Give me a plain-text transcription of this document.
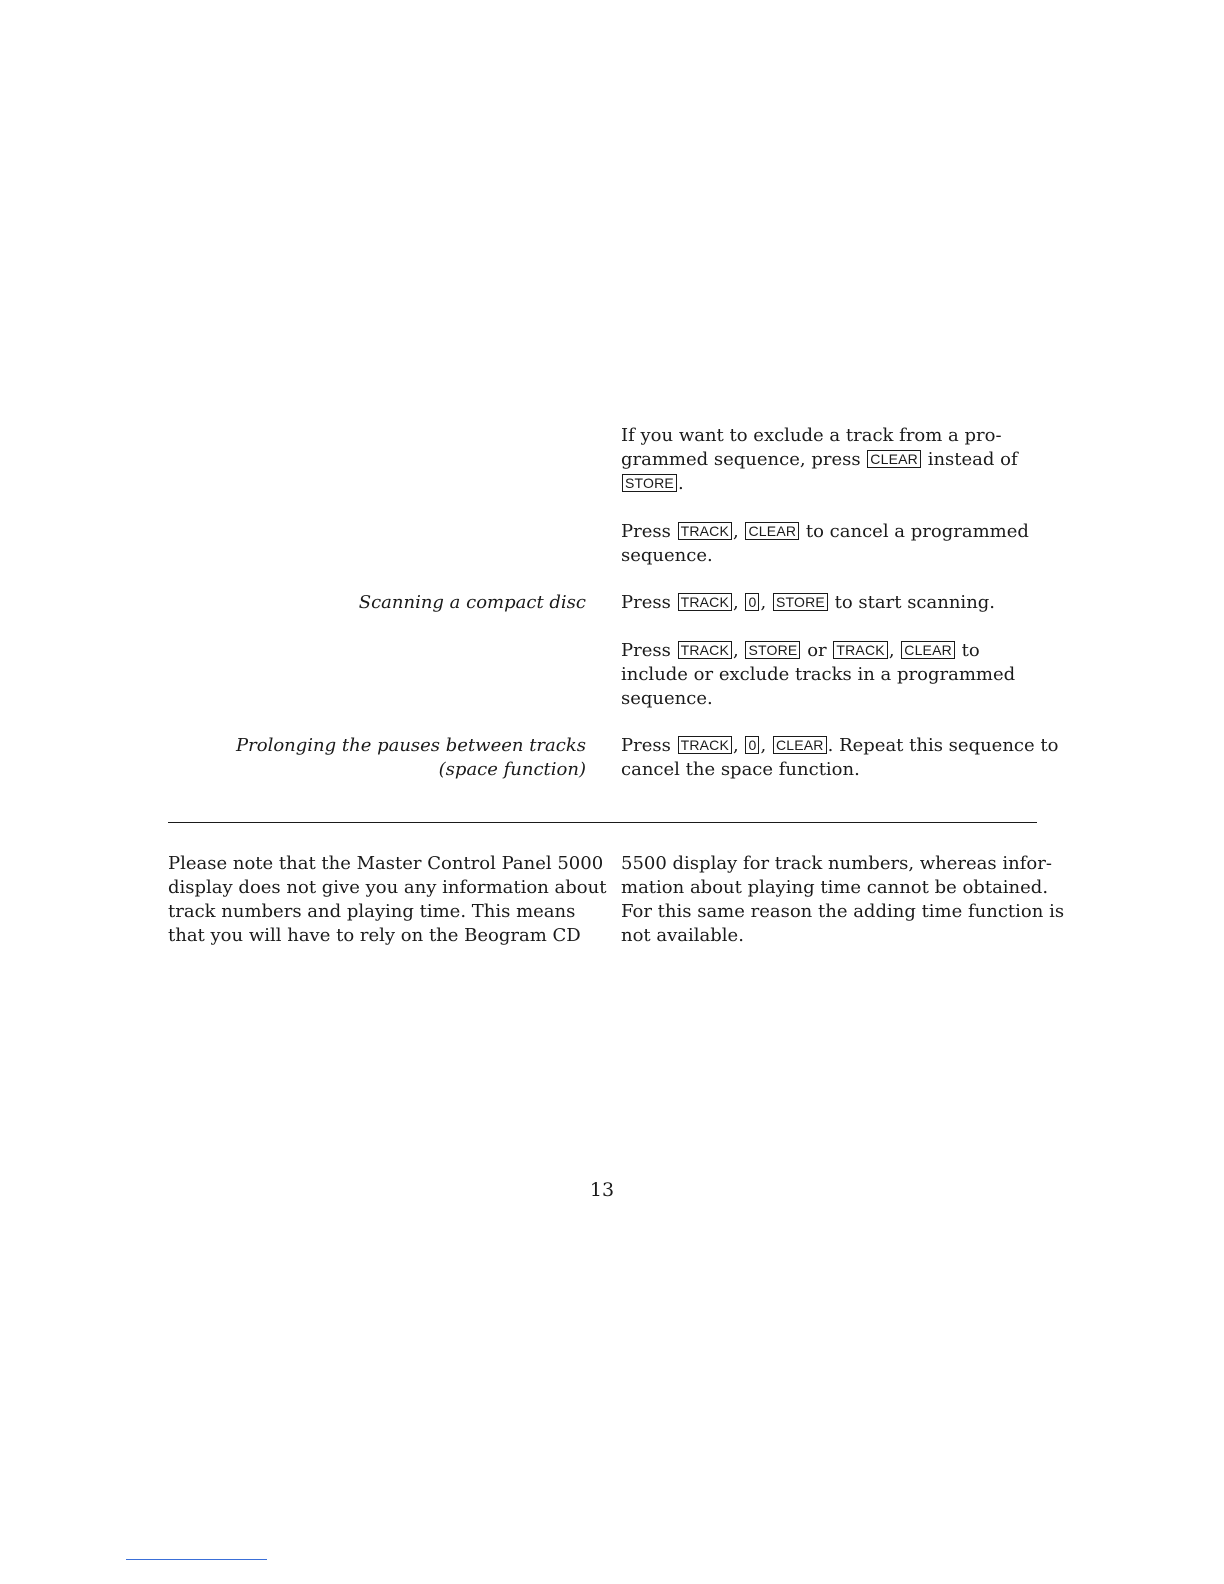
If you want to exclude a track from a pro-
grammed sequence, press CLEAR instead of
STORE .
Press TRACK , CLEAR to cancel a programmed
sequence.
Scanning a compact disc Press TRACK , 0 , STORE to start scanning.
Press TRACK , STORE or TRACK , CLEAR to
include or exclude tracks in a programmed
sequence.
Prolonging the pauses between tracks
(space function)
Press TRACK , 0 , CLEAR . Repeat this sequence to
cancel the space function.
Please note that the Master Control Panel 5000
display does not give you any information about
track numbers and playing time. This means
that you will have to rely on the Beogram CD
5500 display for track numbers, whereas infor-
mation about playing time cannot be obtained.
For this same reason the adding time function is
not available.
13
